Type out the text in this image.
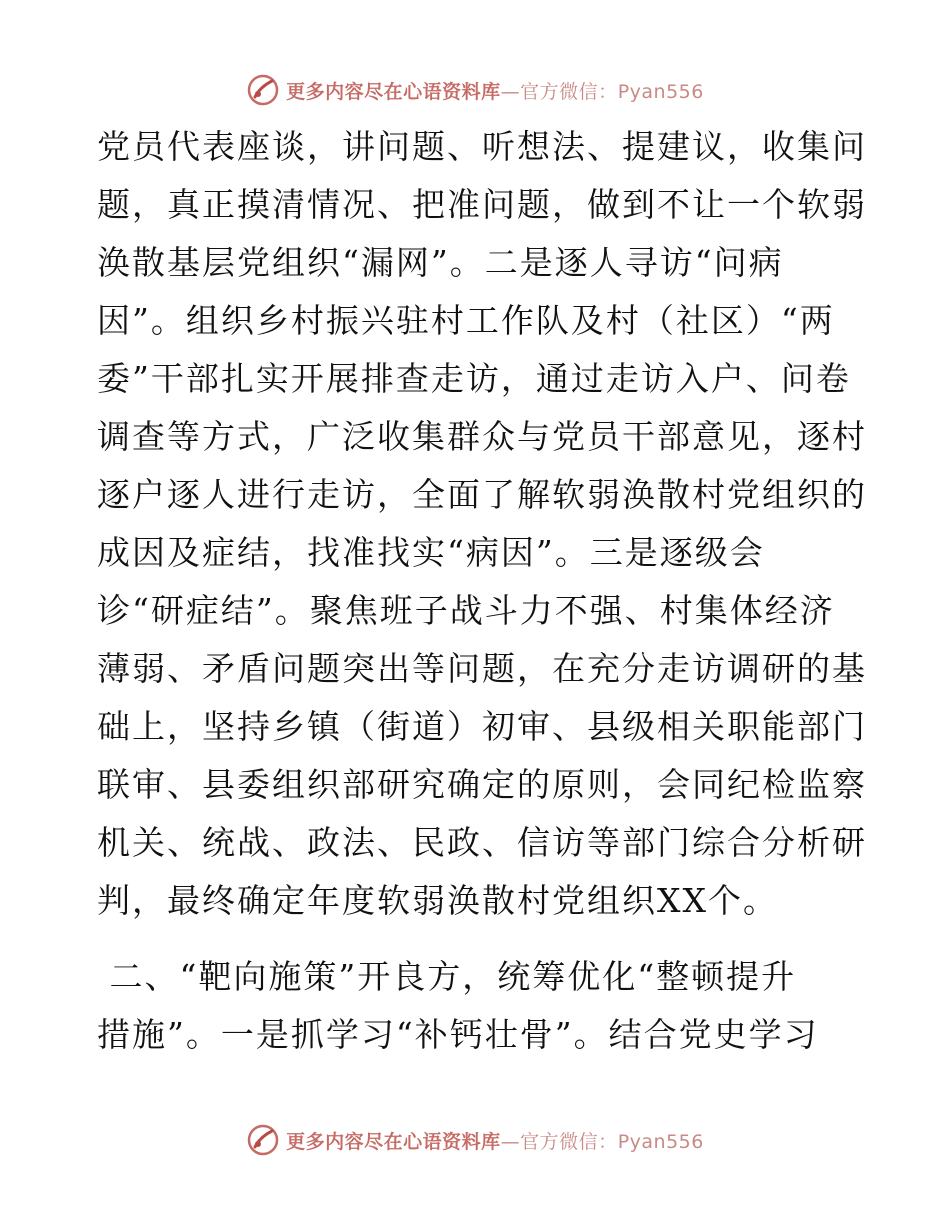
更多内容尽在心语资料库—官方微信：Pyan556
党员代表座谈，讲问题、听想法、提建议，收集问
题，真正摸清情况、把准问题，做到不让一个软弱
涣散基层党组织“漏网”。二是逐人寻访“问病
因”。组织乡村振兴驻村工作队及村（社区）“两
委”干部扎实开展排查走访，通过走访入户、问卷
调查等方式，广泛收集群众与党员干部意见，逐村
逐户逐人进行走访，全面了解软弱涣散村党组织的
成因及症结，找准找实“病因”。三是逐级会
诊“研症结”。聚焦班子战斗力不强、村集体经济
薄弱、矛盾问题突出等问题，在充分走访调研的基
础上，坚持乡镇（街道）初审、县级相关职能部门
联审、县委组织部研究确定的原则，会同纪检监察
机关、统战、政法、民政、信访等部门综合分析研
判，最终确定年度软弱涣散村党组织XX个。
二、“靶向施策”开良方，统筹优化“整顿提升
措施”。一是抓学习“补钙壮骨”。结合党史学习
更多内容尽在心语资料库—官方微信：Pyan556
